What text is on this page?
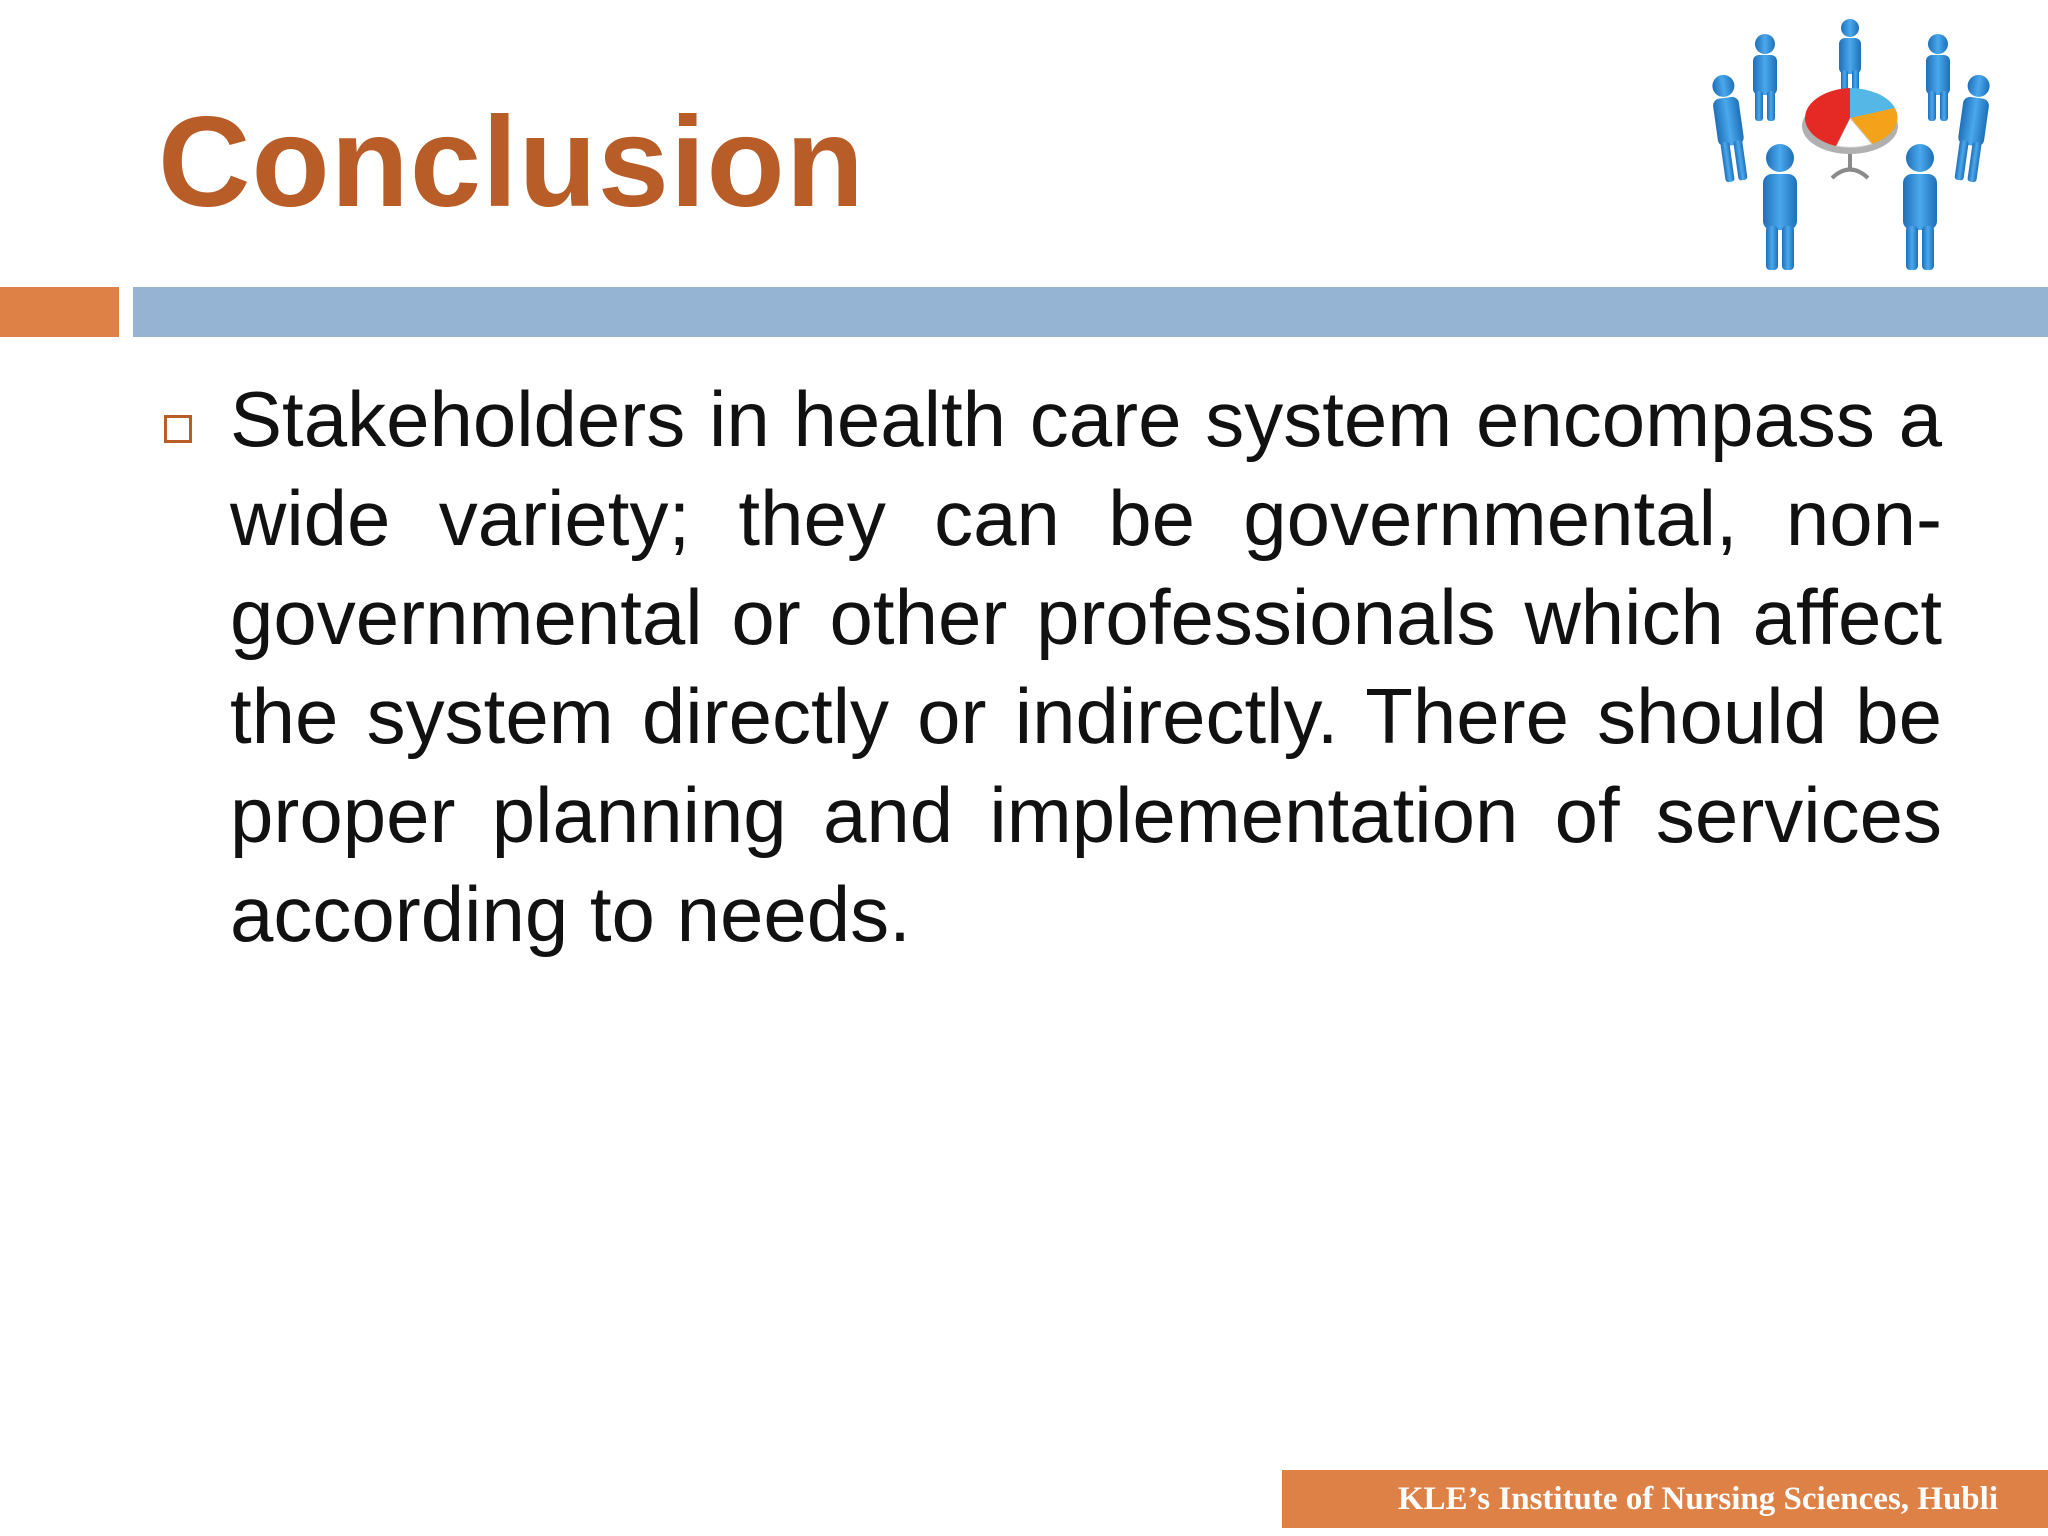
Conclusion

Stakeholders in health care system encompass a wide variety; they can be governmental, non-governmental or other professionals which affect the system directly or indirectly. There should be proper planning and implementation of services according to needs.

KLE’s Institute of Nursing Sciences, Hubli
